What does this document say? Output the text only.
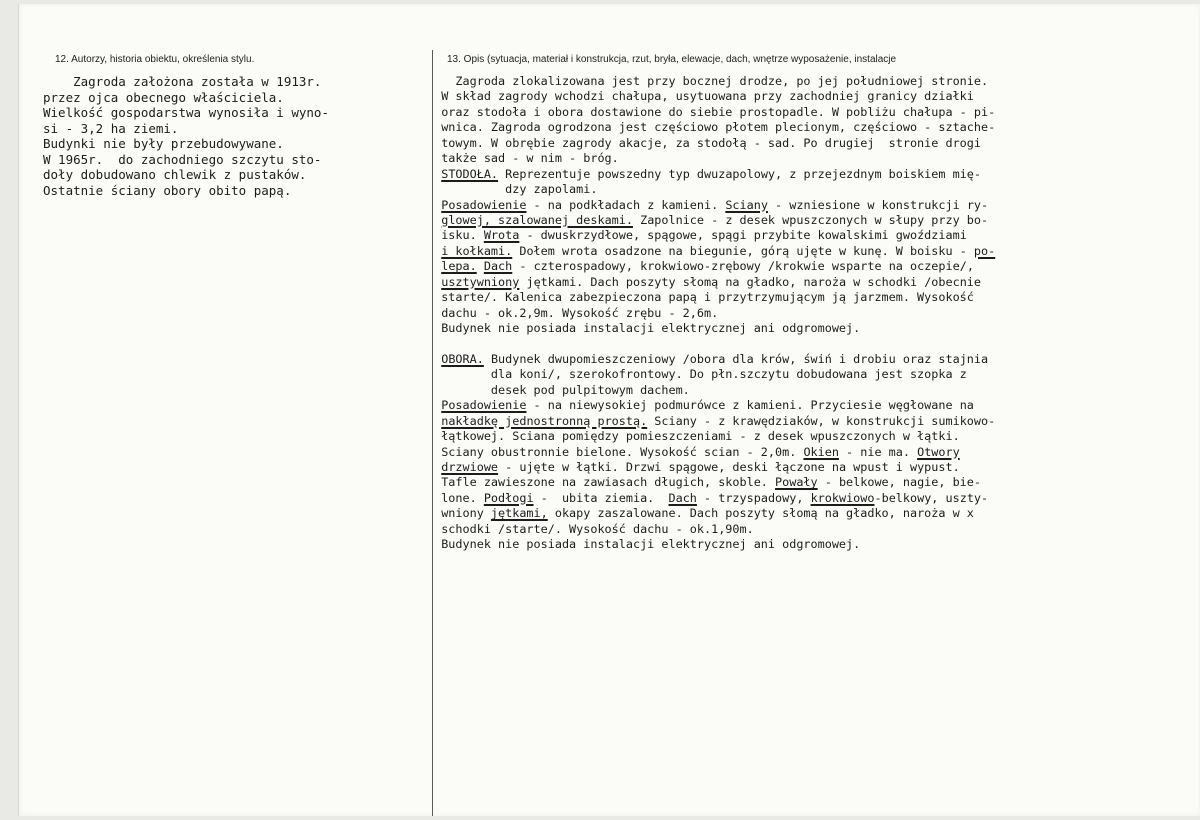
12. Autorzy, historia obiektu, określenia stylu.	13. Opis (sytuacja, materiał i konstrukcja, rzut, bryła, elewacje, dach, wnętrze wyposażenie, instalacje
Zagroda założona została w 1913r.
przez ojca obecnego właściciela.
Wielkość gospodarstwa wynosiła i wyno-
si - 3,2 ha ziemi.
Budynki nie były przebudowywane.
W 1965r.  do zachodniego szczytu sto-
doły dobudowano chlewik z pustaków.
Ostatnie ściany obory obito papą.
Zagroda zlokalizowana jest przy bocznej drodze, po jej południowej stronie.
W skład zagrody wchodzi chałupa, usytuowana przy zachodniej granicy działki
oraz stodoła i obora dostawione do siebie prostopadle. W pobliżu chałupa - pi-
wnica. Zagroda ogrodzona jest częściowo płotem plecionym, częściowo - sztache-
towym. W obrębie zagrody akacje, za stodołą - sad. Po drugiej  stronie drogi
także sad - w nim - bróg.
STODOŁA. Reprezentuje powszedny typ dwuzapolowy, z przejezdnym boiskiem mię-
dzy zapolami.
Posadowienie - na podkładach z kamieni. Sciany - wzniesione w konstrukcji ry-
glowej, szalowanej deskami. Zapolnice - z desek wpuszczonych w słupy przy bo-
isku. Wrota - dwuskrzydłowe, spągowe, spągi przybite kowalskimi gwoździami
i kołkami. Dołem wrota osadzone na biegunie, górą ujęte w kunę. W boisku - po-
lepa. Dach - czterospadowy, krokwiowo-zrębowy /krokwie wsparte na oczepie/,
usztywniony jętkami. Dach poszyty słomą na gładko, naroża w schodki /obecnie
starte/. Kalenica zabezpieczona papą i przytrzymującym ją jarzmem. Wysokość
dachu - ok.2,9m. Wysokość zrębu - 2,6m.
Budynek nie posiada instalacji elektrycznej ani odgromowej.
OBORA. Budynek dwupomieszczeniowy /obora dla krów, świń i drobiu oraz stajnia
dla koni/, szerokofrontowy. Do płn.szczytu dobudowana jest szopka z
desek pod pulpitowym dachem.
Posadowienie - na niewysokiej podmurówce z kamieni. Przyciesie węgłowane na
nakładkę jednostronną prostą. Sciany - z krawędziaków, w konstrukcji sumikowo-
łątkowej. Sciana pomiędzy pomieszczeniami - z desek wpuszczonych w łątki.
Sciany obustronnie bielone. Wysokość scian - 2,0m. Okien - nie ma. Otwory
drzwiowe - ujęte w łątki. Drzwi spągowe, deski łączone na wpust i wypust.
Tafle zawieszone na zawiasach długich, skoble. Powały - belkowe, nagie, bie-
lone. Podłogi -  ubita ziemia.  Dach - trzyspadowy, krokwiowo-belkowy, uszty-
wniony jętkami, okapy zaszalowane. Dach poszyty słomą na gładko, naroża w x
schodki /starte/. Wysokość dachu - ok.1,90m.
Budynek nie posiada instalacji elektrycznej ani odgromowej.
